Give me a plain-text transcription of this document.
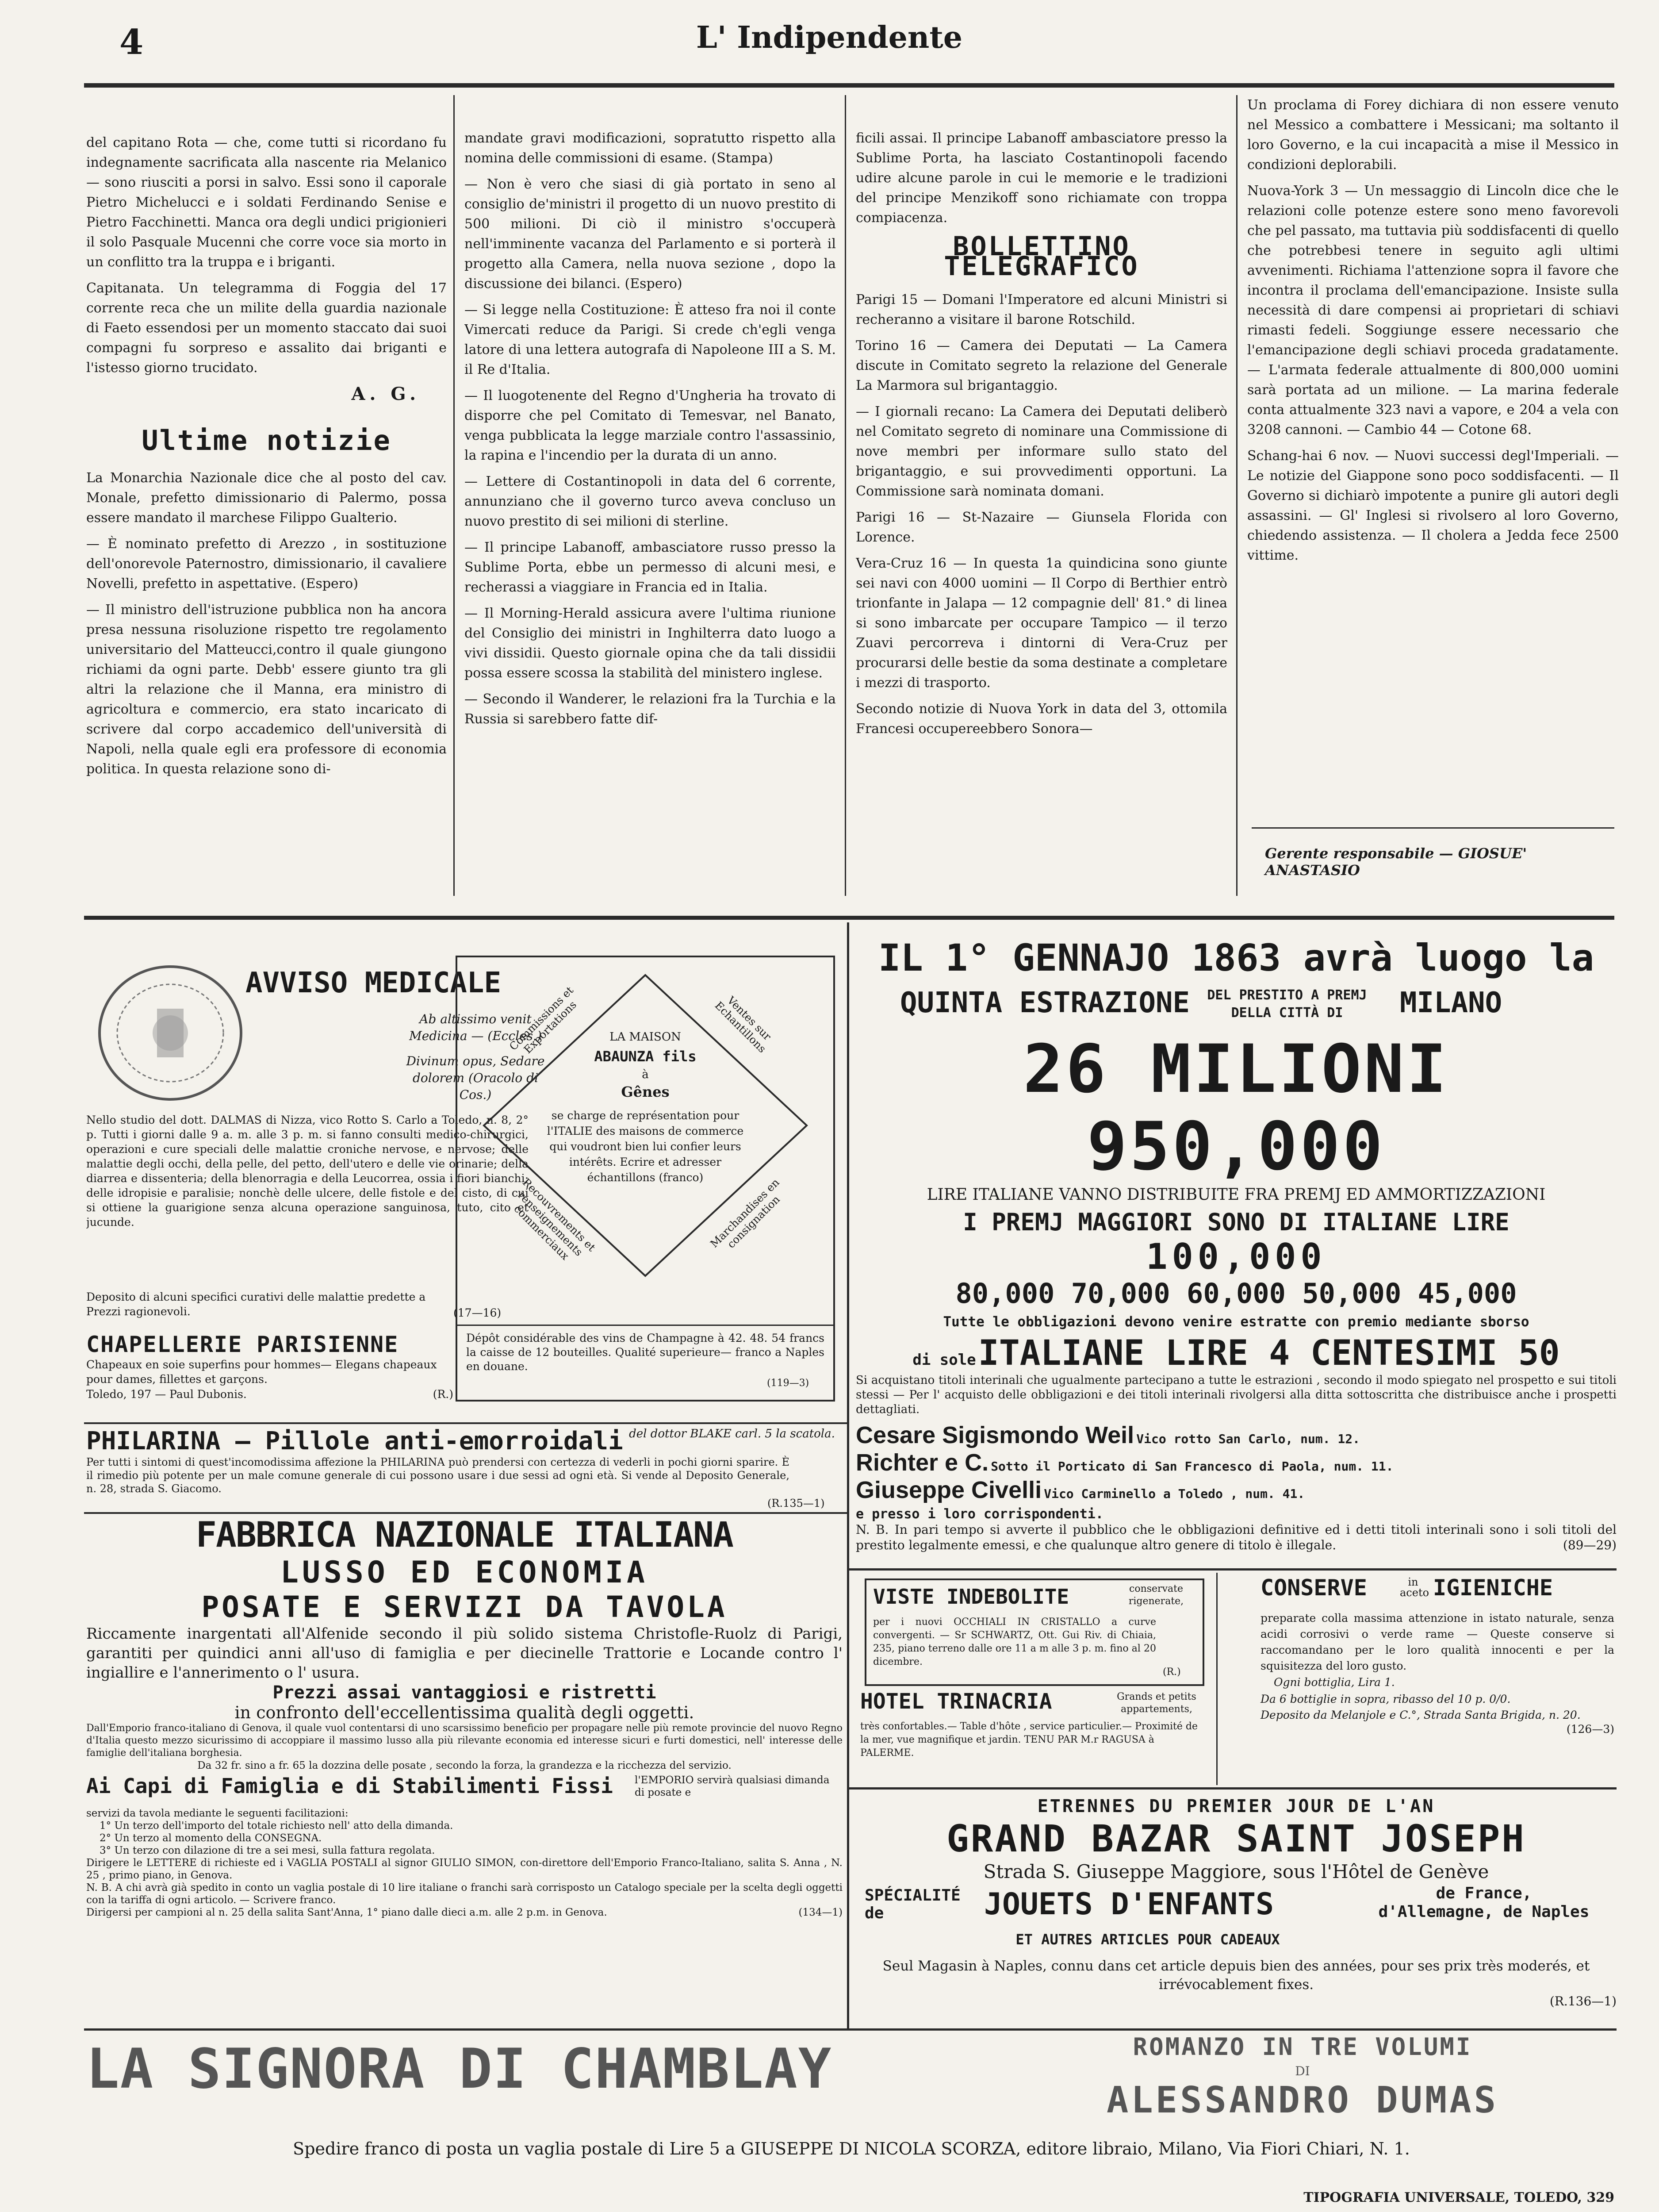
4	L' Indipendente

del capitano Rota — che, come tutti si ricordano fu indegnamente sacrificata alla nascente ria Melanico — sono riusciti a porsi in salvo. Essi sono il caporale Pietro Michelucci e i soldati Ferdinando Senise e Pietro Facchinetti. Manca ora degli undici prigionieri il solo Pasquale Mucenni che corre voce sia morto in un conflitto tra la truppa e i briganti.

Capitanata. Un telegramma di Foggia del 17 corrente reca che un milite della guardia nazionale di Faeto essendosi per un momento staccato dai suoi compagni fu sorpreso e assalito dai briganti e l'istesso giorno trucidato.

A. G.
Ultime notizie

La Monarchia Nazionale dice che al posto del cav. Monale, prefetto dimissionario di Palermo, possa essere mandato il marchese Filippo Gualterio.

— È nominato prefetto di Arezzo , in sostituzione dell'onorevole Paternostro, dimissionario, il cavaliere Novelli, prefetto in aspettative. (Espero)

— Il ministro dell'istruzione pubblica non ha ancora presa nessuna risoluzione rispetto tre regolamento universitario del Matteucci,contro il quale giungono richiami da ogni parte. Debb' essere giunto tra gli altri la relazione che il Manna, era ministro di agricoltura e commercio, era stato incaricato di scrivere dal corpo accademico dell'università di Napoli, nella quale egli era professore di economia politica. In questa relazione sono di-

mandate gravi modificazioni, sopratutto rispetto alla nomina delle commissioni di esame. (Stampa)

— Non è vero che siasi di già portato in seno al consiglio de'ministri il progetto di un nuovo prestito di 500 milioni. Di ciò il ministro s'occuperà nell'imminente vacanza del Parlamento e si porterà il progetto alla Camera, nella nuova sezione , dopo la discussione dei bilanci. (Espero)

— Si legge nella Costituzione: È atteso fra noi il conte Vimercati reduce da Parigi. Si crede ch'egli venga latore di una lettera autografa di Napoleone III a S. M. il Re d'Italia.

— Il luogotenente del Regno d'Ungheria ha trovato di disporre che pel Comitato di Temesvar, nel Banato, venga pubblicata la legge marziale contro l'assassinio, la rapina e l'incendio per la durata di un anno.

— Lettere di Costantinopoli in data del 6 corrente, annunziano che il governo turco aveva concluso un nuovo prestito di sei milioni di sterline.

— Il principe Labanoff, ambasciatore russo presso la Sublime Porta, ebbe un permesso di alcuni mesi, e recherassi a viaggiare in Francia ed in Italia.

— Il Morning-Herald assicura avere l'ultima riunione del Consiglio dei ministri in Inghilterra dato luogo a vivi dissidii. Questo giornale opina che da tali dissidii possa essere scossa la stabilità del ministero inglese.

— Secondo il Wanderer, le relazioni fra la Turchia e la Russia si sarebbero fatte dif-

ficili assai. Il principe Labanoff ambasciatore presso la Sublime Porta, ha lasciato Costantinopoli facendo udire alcune parole in cui le memorie e le tradizioni del principe Menzikoff sono richiamate con troppa compiacenza.

BOLLETTINO TELEGRAFICO

Parigi 15 — Domani l'Imperatore ed alcuni Ministri si recheranno a visitare il barone Rotschild.

Torino 16 — Camera dei Deputati — La Camera discute in Comitato segreto la relazione del Generale La Marmora sul brigantaggio.

— I giornali recano: La Camera dei Deputati deliberò nel Comitato segreto di nominare una Commissione di nove membri per informare sullo stato del brigantaggio, e sui provvedimenti opportuni. La Commissione sarà nominata domani.

Parigi 16 — St-Nazaire — Giunsela Florida con Lorence.

Vera-Cruz 16 — In questa 1a quindicina sono giunte sei navi con 4000 uomini — Il Corpo di Berthier entrò trionfante in Jalapa — 12 compagnie dell' 81.° di linea si sono imbarcate per occupare Tampico — il terzo Zuavi percorreva i dintorni di Vera-Cruz per procurarsi delle bestie da soma destinate a completare i mezzi di trasporto.

Secondo notizie di Nuova York in data del 3, ottomila Francesi occupereebbero Sonora—

Un proclama di Forey dichiara di non essere venuto nel Messico a combattere i Messicani; ma soltanto il loro Governo, e la cui incapacità a mise il Messico in condizioni deplorabili.

Nuova-York 3 — Un messaggio di Lincoln dice che le relazioni colle potenze estere sono meno favorevoli che pel passato, ma tuttavia più soddisfacenti di quello che potrebbesi tenere in seguito agli ultimi avvenimenti. Richiama l'attenzione sopra il favore che incontra il proclama dell'emancipazione. Insiste sulla necessità di dare compensi ai proprietari di schiavi rimasti fedeli. Soggiunge essere necessario che l'emancipazione degli schiavi proceda gradatamente. — L'armata federale attualmente di 800,000 uomini sarà portata ad un milione. — La marina federale conta attualmente 323 navi a vapore, e 204 a vela con 3208 cannoni. — Cambio 44 — Cotone 68.

Schang-hai 6 nov. — Nuovi successi degl'Imperiali. — Le notizie del Giappone sono poco soddisfacenti. — Il Governo si dichiarò impotente a punire gli autori degli assassini. — Gl' Inglesi si rivolsero al loro Governo, chiedendo assistenza. — Il cholera a Jedda fece 2500 vittime.

Gerente responsabile — GIOSUE' ANASTASIO
AVVISO MEDICALE
Ab altissimo venit Medicina — (Eccles.)
Divinum opus, Sedare dolorem (Oracolo di Cos.)
Nello studio del dott. DALMAS di Nizza, vico Rotto S. Carlo a Toledo, n. 8, 2° p. Tutti i giorni dalle 9 a. m. alle 3 p. m. si fanno consulti medico-chirurgici, operazioni e cure speciali delle malattie croniche nervose, e nervose; delle malattie degli occhi, della pelle, del petto, dell'utero e delle vie orinarie; della diarrea e dissenteria; della blenorragia e della Leucorrea, ossia i fiori bianchi; delle idropisie e paralisie; nonchè delle ulcere, delle fistole e del cisto, di cui si ottiene la guarigione senza alcuna operazione sanguinosa, tuto, cito et jucunde.
Deposito di alcuni specifici curativi delle malattie predette a Prezzi ragionevoli.	(17—16)
Commissions et Exportations	Ventes sur Echantillons
Recouvrements et renseignements commerciaux	Marchandises en consignation
LA MAISON
ABAUNZA fils
à
Gênes
se charge de représentation pour l'ITALIE des maisons de commerce qui voudront bien lui confier leurs intérêts. Ecrire et adresser échantillons (franco)
Dépôt considérable des vins de Champagne à 42. 48. 54 francs la caisse de 12 bouteilles. Qualité superieure— franco a Naples en douane.
(119—3)
CHAPELLERIE PARISIENNE
Chapeaux en soie superfins pour hommes— Elegans chapeaux pour dames, fillettes et garçons.
Toledo, 197 — Paul Dubonis.	(R.)
PHILARINA — Pillole anti-emorroidali del dottor BLAKE carl. 5 la scatola.
Per tutti i sintomi di quest'incomodissima affezione la PHILARINA può prendersi con certezza di vederli in pochi giorni sparire. È il rimedio più potente per un male comune generale di cui possono usare i due sessi ad ogni età. Si vende al Deposito Generale, n. 28, strada S. Giacomo.
(R.135—1)
FABBRICA NAZIONALE ITALIANA
LUSSO ED ECONOMIA
POSATE E SERVIZI DA TAVOLA
Riccamente inargentati all'Alfenide secondo il più solido sistema Christofle-Ruolz di Parigi, garantiti per quindici anni all'uso di famiglia e per diecinelle Trattorie e Locande contro l' ingiallire e l'annerimento o l' usura.
Prezzi assai vantaggiosi e ristretti
in confronto dell'eccellentissima qualità degli oggetti.
Dall'Emporio franco-italiano di Genova, il quale vuol contentarsi di uno scarsissimo beneficio per propagare nelle più remote provincie del nuovo Regno d'Italia questo mezzo sicurissimo di accoppiare il massimo lusso alla più rilevante economia ed interesse sicuri e furti domestici, nell' interesse delle famiglie dell'italiana borghesia.
Da 32 fr. sino a fr. 65 la dozzina delle posate , secondo la forza, la grandezza e la ricchezza del servizio.
Ai Capi di Famiglia e di Stabilimenti Fissi l'EMPORIO servirà qualsiasi dimanda di posate e
servizi da tavola mediante le seguenti facilitazioni:
1° Un terzo dell'importo del totale richiesto nell' atto della dimanda.
2° Un terzo al momento della CONSEGNA.
3° Un terzo con dilazione di tre a sei mesi, sulla fattura regolata.
Dirigere le LETTERE di richieste ed i VAGLIA POSTALI al signor GIULIO SIMON, con-direttore dell'Emporio Franco-Italiano, salita S. Anna , N. 25 , primo piano, in Genova.
N. B. A chi avrà già spedito in conto un vaglia postale di 10 lire italiane o franchi sarà corrisposto un Catalogo speciale per la scelta degli oggetti con la tariffa di ogni articolo. — Scrivere franco.
Dirigersi per campioni al n. 25 della salita Sant'Anna, 1° piano dalle dieci a.m. alle 2 p.m. in Genova.	(134—1)
IL 1° GENNAJO 1863 avrà luogo la
QUINTA ESTRAZIONE	DEL PRESTITO A PREMJ DELLA CITTÀ DI	MILANO
26 MILIONI 950,000
LIRE ITALIANE VANNO DISTRIBUITE FRA PREMJ ED AMMORTIZZAZIONI
I PREMJ MAGGIORI SONO DI ITALIANE LIRE
100,000
80,000 70,000 60,000 50,000 45,000
Tutte le obbligazioni devono venire estratte con premio mediante sborso
di sole ITALIANE LIRE 4 CENTESIMI 50
Si acquistano titoli interinali che ugualmente partecipano a tutte le estrazioni , secondo il modo spiegato nel prospetto e sui titoli stessi — Per l' acquisto delle obbligazioni e dei titoli interinali rivolgersi alla ditta sottoscritta che distribuisce anche i prospetti dettagliati.
Cesare Sigismondo Weil Vico rotto San Carlo, num. 12.
Richter e C. Sotto il Porticato di San Francesco di Paola, num. 11.
Giuseppe Civelli Vico Carminello a Toledo , num. 41.
e presso i loro corrispondenti.
N. B. In pari tempo si avverte il pubblico che le obbligazioni definitive ed i detti titoli interinali sono i soli titoli del prestito legalmente emessi, e che qualunque altro genere di titolo è illegale.	(89—29)
VISTE INDEBOLITE	conservate rigenerate,
per i nuovi OCCHIALI IN CRISTALLO a curve convergenti. — Sr SCHWARTZ, Ott. Gui Riv. di Chiaia, 235, piano terreno dalle ore 11 a m alle 3 p. m. fino al 20 dicembre.
(R.)
HOTEL TRINACRIA	Grands et petits appartements,
très confortables.— Table d'hôte , service particulier.— Proximité de la mer, vue magnifique et jardin. TENU PAR M.r RAGUSA à PALERME.
CONSERVE	in aceto IGIENICHE
preparate colla massima attenzione in istato naturale, senza acidi corrosivi o verde rame — Queste conserve si raccomandano per le loro qualità innocenti e per la squisitezza del loro gusto.
Ogni bottiglia, Lira 1.
Da 6 bottiglie in sopra, ribasso del 10 p. 0/0.
Deposito da Melanjole e C.°, Strada Santa Brigida, n. 20.
(126—3)
ETRENNES DU PREMIER JOUR DE L'AN
GRAND BAZAR SAINT JOSEPH
Strada S. Giuseppe Maggiore, sous l'Hôtel de Genève
SPÉCIALITÉ de	JOUETS D'ENFANTS	de France, d'Allemagne, de Naples
ET AUTRES ARTICLES POUR CADEAUX
Seul Magasin à Naples, connu dans cet article depuis bien des années, pour ses prix très moderés, et irrévocablement fixes.
(R.136—1)
LA SIGNORA DI CHAMBLAY	ROMANZO IN TRE VOLUMI
DI
ALESSANDRO DUMAS
Spedire franco di posta un vaglia postale di Lire 5 a GIUSEPPE DI NICOLA SCORZA, editore libraio, Milano, Via Fiori Chiari, N. 1.
TIPOGRAFIA UNIVERSALE, TOLEDO, 329
